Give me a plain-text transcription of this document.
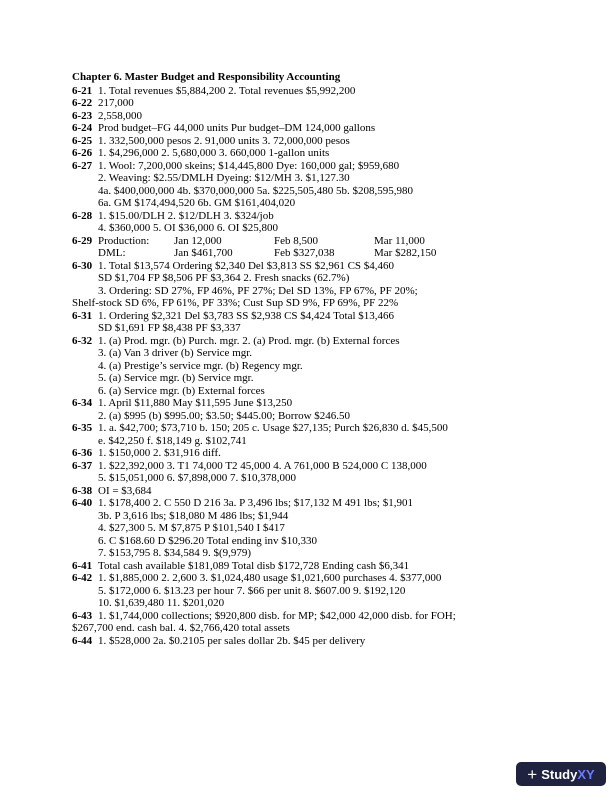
Chapter 6. Master Budget and Responsibility Accounting
6-21 1. Total revenues $5,884,200 2. Total revenues $5,992,200
6-22 217,000
6-23 2,558,000
6-24 Prod budget–FG 44,000 units Pur budget–DM 124,000 gallons
6-25 1. 332,500,000 pesos 2. 91,000 units 3. 72,000,000 pesos
6-26 1. $4,296,000 2. 5,680,000 3. 660,000 1-gallon units
6-27 1. Wool: 7,200,000 skeins; $14,445,800 Dye: 160,000 gal; $959,680
2. Weaving: $2.55/DMLH Dyeing: $12/MH 3. $1,127.30
4a. $400,000,000 4b. $370,000,000 5a. $225,505,480 5b. $208,595,980
6a. GM $174,494,520 6b. GM $161,404,020
6-28 1. $15.00/DLH 2. $12/DLH 3. $324/job
4. $360,000 5. OI $36,000 6. OI $25,800
6-29 Production: Jan 12,000	Feb 8,500	Mar 11,000
DML:	Jan $461,700	Feb $327,038	Mar $282,150
6-30 1. Total $13,574 Ordering $2,340 Del $3,813 SS $2,961 CS $4,460
SD $1,704 FP $8,506 PF $3,364 2. Fresh snacks (62.7%)
3. Ordering: SD 27%, FP 46%, PF 27%; Del SD 13%, FP 67%, PF 20%;
Shelf-stock SD 6%, FP 61%, PF 33%; Cust Sup SD 9%, FP 69%, PF 22%
6-31 1. Ordering $2,321 Del $3,783 SS $2,938 CS $4,424 Total $13,466
SD $1,691 FP $8,438 PF $3,337
6-32 1. (a) Prod. mgr. (b) Purch. mgr. 2. (a) Prod. mgr. (b) External forces
3. (a) Van 3 driver (b) Service mgr.
4. (a) Prestige’s service mgr. (b) Regency mgr.
5. (a) Service mgr. (b) Service mgr.
6. (a) Service mgr. (b) External forces
6-34 1. April $11,880 May $11,595 June $13,250
2. (a) $995 (b) $995.00; $3.50; $445.00; Borrow $246.50
6-35 1. a. $42,700; $73,710 b. 150; 205 c. Usage $27,135; Purch $26,830 d. $45,500
e. $42,250 f. $18,149 g. $102,741
6-36 1. $150,000 2. $31,916 diff.
6-37 1. $22,392,000 3. T1 74,000 T2 45,000 4. A 761,000 B 524,000 C 138,000
5. $15,051,000 6. $7,898,000 7. $10,378,000
6-38 OI = $3,684
6-40 1. $178,400 2. C 550 D 216 3a. P 3,496 lbs; $17,132 M 491 lbs; $1,901
3b. P 3,616 lbs; $18,080 M 486 lbs; $1,944
4. $27,300 5. M $7,875 P $101,540 I $417
6. C $168.60 D $296.20 Total ending inv $10,330
7. $153,795 8. $34,584 9. $(9,979)
6-41 Total cash available $181,089 Total disb $172,728 Ending cash $6,341
6-42 1. $1,885,000 2. 2,600 3. $1,024,480 usage $1,021,600 purchases 4. $377,000
5. $172,000 6. $13.23 per hour 7. $66 per unit 8. $607.00 9. $192,120
10. $1,639,480 11. $201,020
6-43 1. $1,744,000 collections; $920,800 disb. for MP; $42,000 42,000 disb. for FOH;
$267,700 end. cash bal. 4. $2,766,420 total assets
6-44 1. $528,000 2a. $0.2105 per sales dollar 2b. $45 per delivery
+ Study XY
